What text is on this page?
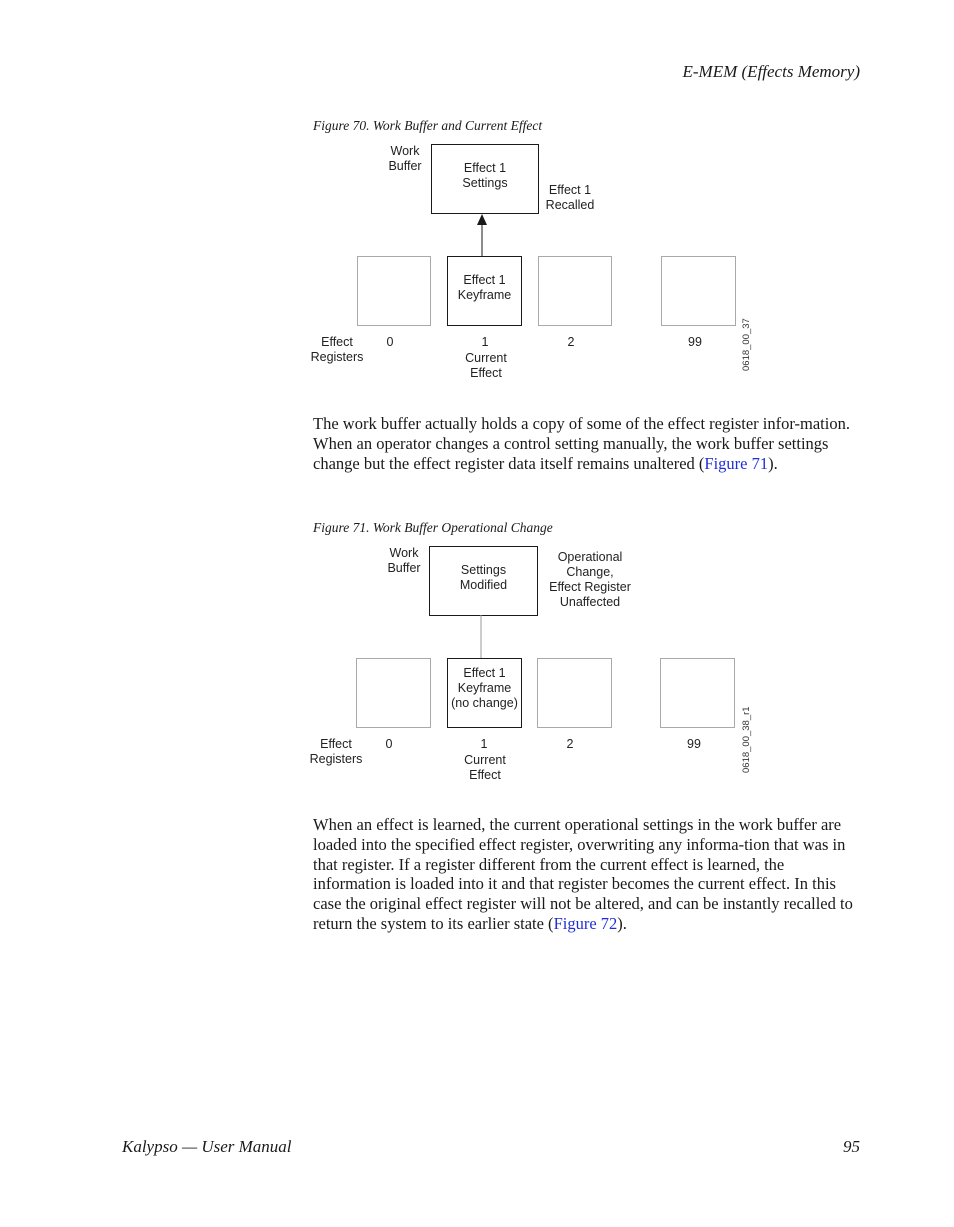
E-MEM (Effects Memory)
Figure 70. Work Buffer and Current Effect
Work
Buffer	Effect 1
Settings	Effect 1
Recalled
Effect 1
Keyframe
Effect
Registers
0	1	2	99
Current
Effect
0618_00_37

The work buffer actually holds a copy of some of the effect register infor-mation. When an operator changes a control setting manually, the work buffer settings change but the effect register data itself remains unaltered (Figure 71).

Figure 71. Work Buffer Operational Change
Work
Buffer	Settings
Modified
Operational
Change,
Effect Register
Unaffected
Effect 1
Keyframe
(no change)
Effect
Registers
0	1	2	99
Current
Effect
0618_00_38_r1

When an effect is learned, the current operational settings in the work buffer are loaded into the specified effect register, overwriting any informa-tion that was in that register. If a register different from the current effect is learned, the information is loaded into it and that register becomes the current effect. In this case the original effect register will not be altered, and can be instantly recalled to return the system to its earlier state (Figure 72).

Kalypso — User Manual	95
